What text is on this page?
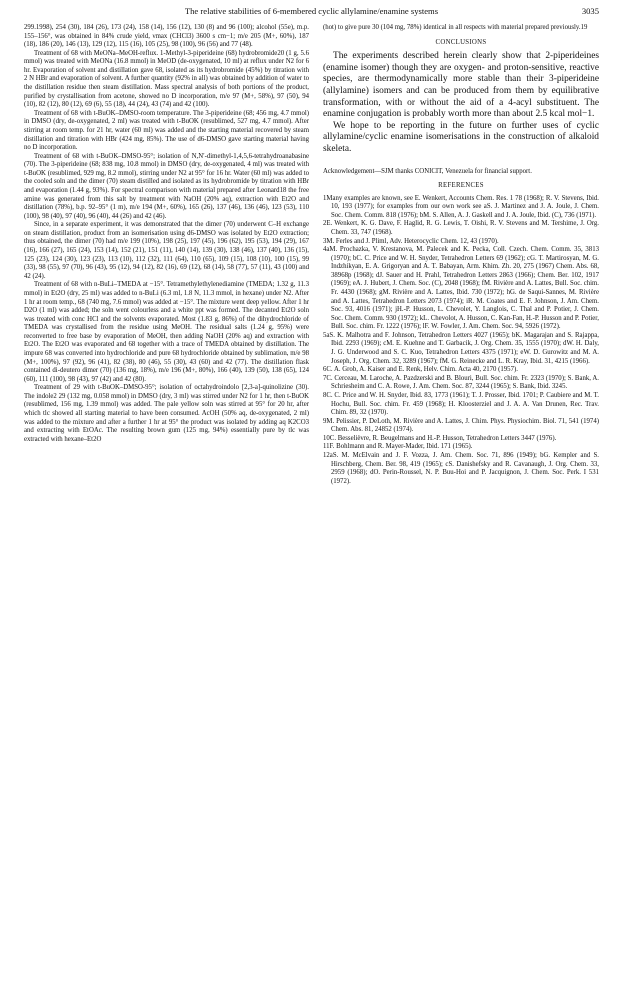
The relative stabilities of 6-membered cyclic allylamine/enamine systems	3035

299.1998), 254 (30), 184 (26), 173 (24), 158 (14), 156 (12), 130 (8) and 96 (100); alcohol (55e), m.p. 155–156°, was obtained in 84% crude yield, νmax (CHCl3) 3600 s cm−1; m/e 205 (M+, 60%), 187 (18), 186 (20), 146 (13), 129 (12), 115 (16), 105 (25), 98 (100), 96 (56) and 77 (48).

Treatment of 68 with MeONa–MeOH-reflux. 1-Methyl-3-piperideine (68) hydrobromide20 (1 g, 5.6 mmol) was treated with MeONa (16.8 mmol) in MeOD (de-oxygenated, 10 ml) at reflux under N2 for 6 hr. Evaporation of solvent and distillation gave 68, isolated as its hydrobromide (45%) by titration with 2 N HBr and evaporation of solvent. A further quantity (92% in all) was obtained by addition of water to the distillation residue then steam distillation. Mass spectral analysis of both portions of the product, purified by crystallisation from acetone, showed no D incorporation, m/e 97 (M+, 58%), 97 (50), 94 (10), 82 (12), 80 (12), 69 (6), 55 (18), 44 (24), 43 (74) and 42 (100).

Treatment of 68 with t-BuOK–DMSO-room temperature. The 3-piperideine (68; 456 mg, 4.7 mmol) in DMSO (dry, de-oxygenated, 2 ml) was treated with t-BuOK (resublimed, 527 mg, 4.7 mmol). After stirring at room temp. for 21 hr, water (60 ml) was added and the starting material recovered by steam distillation and titration with HBr (424 mg, 85%). The use of d6-DMSO gave starting material having no D incorporation.

Treatment of 68 with t-BuOK–DMSO-95°; isolation of N,N′-dimethyl-1,4,5,6-tetrahydroanabasine (70). The 3-piperideine (68; 838 mg, 10.8 mmol) in DMSO (dry, de-oxygenated, 4 ml) was treated with t-BuOK (resublimed, 929 mg, 8.2 mmol), stirring under N2 at 95° for 16 hr. Water (60 ml) was added to the cooled soln and the dimer (70) steam distilled and isolated as its hydrobromide by titration with HBr and evaporation (1.44 g, 93%). For spectral comparison with material prepared after Leonard18 the free amine was generated from this salt by treatment with NaOH (20% aq), extraction with Et2O and distillation (78%), b.p. 92–95° (1 m), m/e 194 (M+, 60%), 165 (26), 137 (46), 136 (46), 123 (53), 110 (100), 98 (40), 97 (40), 96 (40), 44 (26) and 42 (46).

Since, in a separate experiment, it was demonstrated that the dimer (70) underwent C–H exchange on steam distillation, product from an isomerisation using d6-DMSO was isolated by Et2O extraction; thus obtained, the dimer (70) had m/e 199 (10%), 198 (25), 197 (45), 196 (62), 195 (53), 194 (29), 167 (16), 166 (27), 165 (24), 153 (14), 152 (21), 151 (11), 140 (14), 139 (30), 138 (46), 137 (40), 136 (15), 125 (23), 124 (30), 123 (23), 113 (10), 112 (32), 111 (64), 110 (65), 109 (15), 108 (10), 100 (15), 99 (33), 98 (55), 97 (70), 96 (43), 95 (12), 94 (12), 82 (16), 69 (12), 68 (14), 58 (77), 57 (11), 43 (100) and 42 (24).

Treatment of 68 with n-BuLi–TMEDA at −15°. Tetramethylethylenediamine (TMEDA; 1.32 g, 11.3 mmol) in Et2O (dry, 25 ml) was added to n-BuLi (6.3 ml, 1.8 N, 11.3 mmol, in hexane) under N2. After 1 hr at room temp., 68 (740 mg, 7.6 mmol) was added at −15°. The mixture went deep yellow. After 1 hr D2O (1 ml) was added; the soln went colourless and a white ppt was formed. The decanted Et2O soln was treated with conc HCl and the solvents evaporated. Most (1.83 g, 86%) of the dihydrochloride of TMEDA was crystallised from the residue using MeOH. The residual salts (1.24 g, 95%) were reconverted to free base by evaporation of MeOH, then adding NaOH (20% aq) and extraction with Et2O. The Et2O was evaporated and 68 together with a trace of TMEDA obtained by distillation. The impure 68 was converted into hydrochloride and pure 68 hydrochloride obtained by sublimation, m/e 98 (M+, 100%), 97 (92), 96 (41), 82 (38), 80 (46), 55 (30), 43 (60) and 42 (77). The distillation flask contained di-deutero dimer (70) (136 mg, 18%), m/e 196 (M+, 80%), 166 (40), 139 (50), 138 (65), 124 (60), 111 (100), 98 (43), 97 (42) and 42 (80).

Treatment of 29 with t-BuOK–DMSO-95°; isolation of octahydroindolo [2,3-a]-quinolizine (30). The indole2 29 (132 mg, 0.058 mmol) in DMSO (dry, 3 ml) was stirred under N2 for 1 hr, then t-BuOK (resublimed, 156 mg, 1.39 mmol) was added. The pale yellow soln was stirred at 95° for 20 hr, after which tlc showed all starting material to have been consumed. AcOH (50% aq, de-oxygenated, 2 ml) was added to the mixture and after a further 1 hr at 95° the product was isolated by adding aq K2CO3 and extracting with EtOAc. The resulting brown gum (125 mg, 94%) essentially pure by tlc was extracted with hexane–Et2O

(hot) to give pure 30 (104 mg, 78%) identical in all respects with material prepared previously.19

CONCLUSIONS

The experiments described herein clearly show that 2-piperideines (enamine isomer) though they are oxygen- and proton-sensitive, reactive species, are thermodynamically more stable than their 3-piperideine (allylamine) isomers and can be produced from them by equilibrative transformation, with or without the aid of a 4-acyl substituent. The enamine conjugation is probably worth more than about 2.5 kcal mol−1.

We hope to be reporting in the future on further uses of cyclic allylamine/cyclic enamine isomerisations in the construction of alkaloid skeleta.

Acknowledgement—SJM thanks CONICIT, Venezuela for financial support.

REFERENCES

1Many examples are known, see E. Wenkert, Accounts Chem. Res. 1 78 (1968); R. V. Stevens, Ibid. 10, 193 (1977); for examples from our own work see aS. J. Martinez and J. A. Joule, J. Chem. Soc. Chem. Comm. 818 (1976); bM. S. Allen, A. J. Gaskell and J. A. Joule, Ibid. (C), 736 (1971).

2E. Wenkert, K. G. Dave, F. Haglid, R. G. Lewis, T. Oishi, R. V. Stevens and M. Tershime, J. Org. Chem. 33, 747 (1968).

3M. Ferles and J. Pliml, Adv. Heterocyclic Chem. 12, 43 (1970).

4aM. Prochazka, V. Krestanova, M. Palecek and K. Pecka, Coll. Czech. Chem. Comm. 35, 3813 (1970); bC. C. Price and W. H. Snyder, Tetrahedron Letters 69 (1962); cG. T. Martirosyan, M. G. Indzhikyan, E. A. Grigoryan and A. T. Babayan, Arm. Khim. Zh. 20, 275 (1967) Chem. Abs. 68, 38968p (1968); dJ. Sauer and H. Prahl, Tetrahedron Letters 2863 (1966); Chem. Ber. 102, 1917 (1969); eA. J. Hubert, J. Chem. Soc. (C), 2048 (1968); fM. Rivière and A. Lattes, Bull. Soc. chim. Fr. 4430 (1968); gM. Rivière and A. Lattes, Ibid. 730 (1972); hG. de Saqui-Sannes, M. Rivière and A. Lattes, Tetrahedron Letters 2073 (1974); iR. M. Coates and E. F. Johnson, J. Am. Chem. Soc. 93, 4016 (1971); jH.-P. Husson, L. Chevolet, Y. Langlois, C. Thal and P. Potier, J. Chem. Soc. Chem. Comm. 930 (1972); kL. Chevolot, A. Husson, C. Kan-Fan, H.-P. Husson and P. Potier, Bull. Soc. chim. Fr. 1222 (1976); lF. W. Fowler, J. Am. Chem. Soc. 94, 5926 (1972).

5aS. K. Malhotra and F. Johnson, Tetrahedron Letters 4027 (1965); bK. Magarajan and S. Rajappa, Ibid. 2293 (1969); cM. E. Kuehne and T. Garbacik, J. Org. Chem. 35, 1555 (1970); dW. H. Daly, J. G. Underwood and S. C. Kuo, Tetrahedron Letters 4375 (1971); eW. D. Gurowitz and M. A. Joseph, J. Org. Chem. 32, 3289 (1967); fM. G. Reinecke and L. R. Kray, Ibid. 31, 4215 (1966).

6C. A. Grob, A. Kaiser and E. Renk, Helv. Chim. Acta 40, 2170 (1957).

7C. Cerceau, M. Laroche, A. Pazdzerski and B. Blouri, Bull. Soc. chim. Fr. 2323 (1970); S. Bank, A. Schriesheim and C. A. Rowe, J. Am. Chem. Soc. 87, 3244 (1965); S. Bank, Ibid. 3245.

8C. C. Price and W. H. Snyder, Ibid. 83, 1773 (1961); T. J. Prosser, Ibid. 1701; P. Caubiere and M. T. Hochu, Bull. Soc. chim. Fr. 459 (1968); H. Kloosterziel and J. A. A. Van Drunen, Rec. Trav. Chim. 89, 32 (1970).

9M. Pelissier, P. DeLoth, M. Rivière and A. Lattes, J. Chim. Phys. Physiochim. Biol. 71, 541 (1974) Chem. Abs. 81, 24852 (1974).

10C. Besselièvre, R. Beugelmans and H.-P. Husson, Tetrahedron Letters 3447 (1976).

11F. Bohlmann and R. Mayer-Mader, Ibid. 171 (1965).

12aS. M. McElvain and J. F. Vozza, J. Am. Chem. Soc. 71, 896 (1949); bG. Kempler and S. Hirschberg, Chem. Ber. 98, 419 (1965); cS. Danishefsky and R. Cavanaugh, J. Org. Chem. 33, 2959 (1968); dO. Perin-Roussel, N. P. Buu-Hoi and P. Jacquignon, J. Chem. Soc. Perk. I 531 (1972).
